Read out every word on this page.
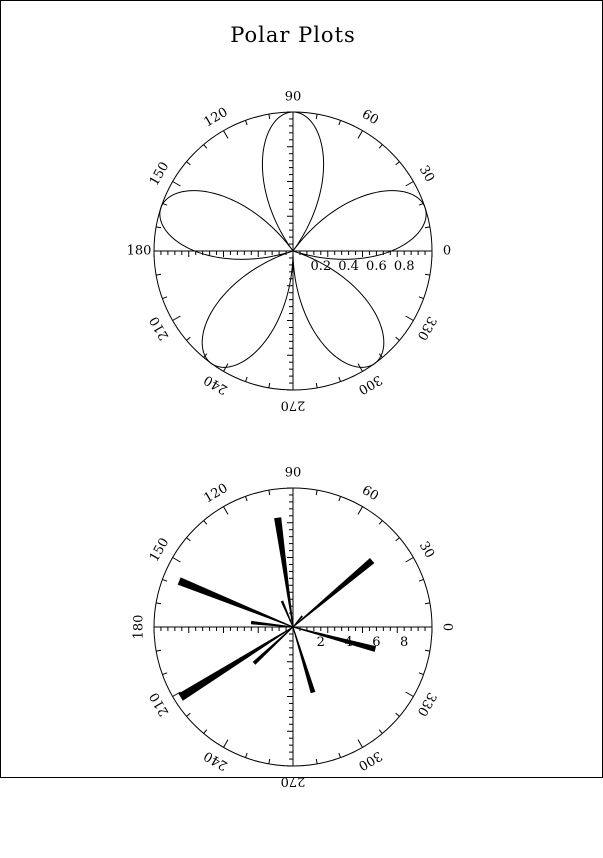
Polar Plots
0
30
60
90
120
150
180
210
240
270
300
330
0.2 0.4 0.6 0.8
0
30
60
90
120
150
180
210
240
270
300
330
2	6 8
